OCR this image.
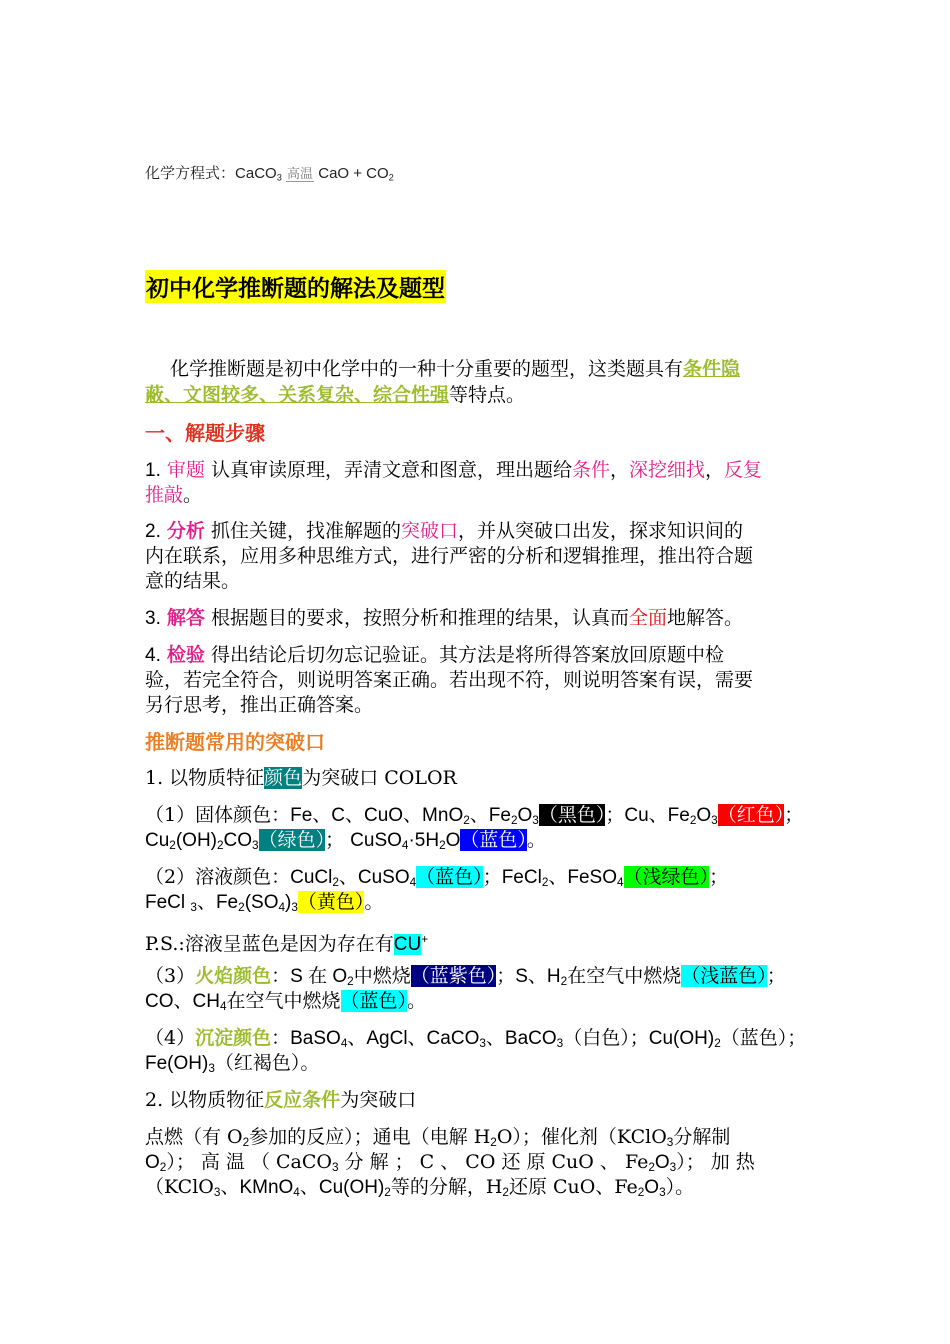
化学方程式：CaCO$_3$ 高温 CaO + $CO_2$
初中化学推断题的解法及题型
化学推断题是初中化学中的一种十分重要的题型，这类题具有条件隐
蔽、文图较多、关系复杂、综合性强等特点。
一、解题步骤
1. 审题 认真审读原理，弄清文意和图意，理出题给条件，深挖细找，反复
推敲。
2. 分析 抓住关键，找准解题的突破口，并从突破口出发，探求知识间的
内在联系，应用多种思维方式，进行严密的分析和逻辑推理，推出符合题
意的结果。
3. 解答 根据题目的要求，按照分析和推理的结果，认真而全面地解答。
4. 检验 得出结论后切勿忘记验证。其方法是将所得答案放回原题中检
验，若完全符合，则说明答案正确。若出现不符，则说明答案有误，需要
另行思考，推出正确答案。
推断题常用的突破口
1. 以物质特征颜色为突破口 COLOR
（1）固体颜色：Fe、C、CuO、MnO$_2$、$Fe_2O_3$（黑色）；Cu、$Fe_2O_3$（红色）；
$Cu_2(OH)_2CO_3$（绿色）； $CuSO_4\cdot 5H_2O$（蓝色）。
（2）溶液颜色：CuCl$_2$、CuSO$_4$（蓝色）；FeCl$_2$、FeSO$_4$（浅绿色）；
FeCl $_3$、$Fe_2(SO_4)_3$（黄色）。
P.S.:溶液呈蓝色是因为存在有CU+
（3）火焰颜色：S 在 $O_2$中燃烧（蓝紫色）；S、$H_2$在空气中燃烧（浅蓝色）；
CO、$CH_4$在空气中燃烧（蓝色）。
（4）沉淀颜色：BaSO$_4$、AgCl、CaCO$_3$、BaCO$_3$（白色）；$Cu(OH)_2$（蓝色）；
$Fe(OH)_3$（红褐色）。
2. 以物质物征反应条件为突破口
点燃（有 $O_2$参加的反应）；通电（电解 $H_2O$）；催化剂（KClO$_3$分解制
$O_2$）； 高 温 （ CaCO$_3$ 分 解 ； C 、 CO 还 原 CuO 、 $Fe_2O_3$）； 加 热
（KClO$_3$、KMnO$_4$、$Cu(OH)_2$等的分解，$H_2$还原 CuO、$Fe_2O_3$）。
